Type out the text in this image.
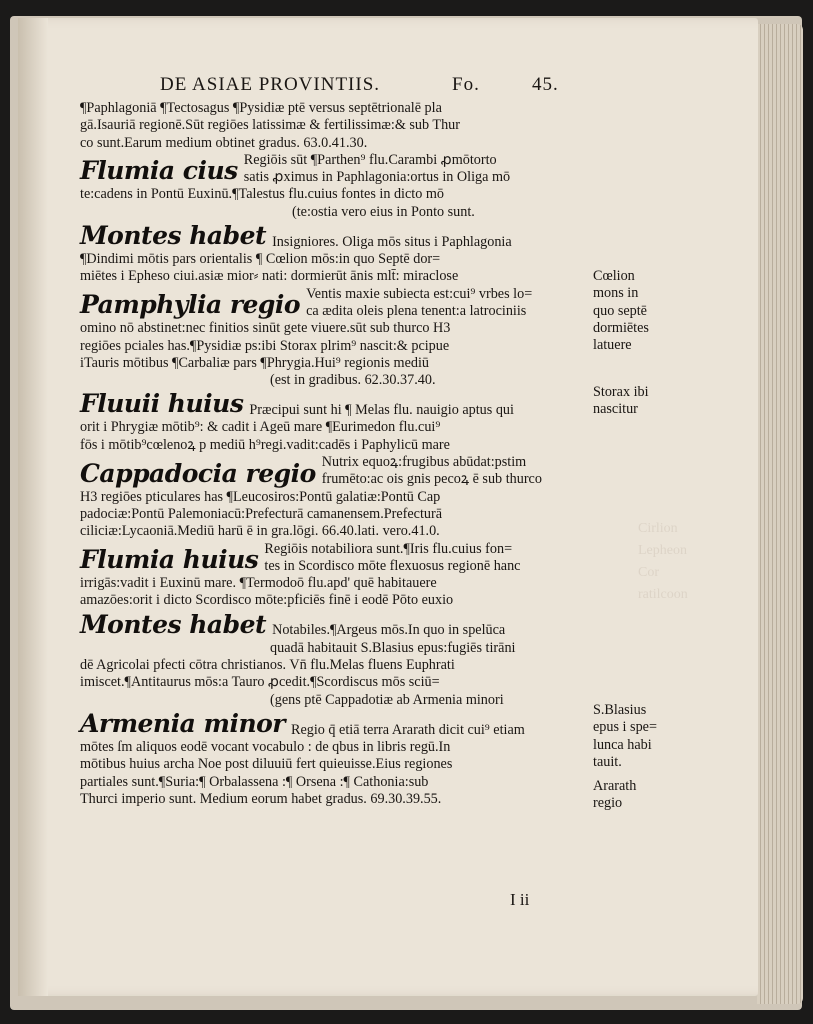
Cirlion
Lepheon
Cor
ratilcoon
DE ASIAE PROVINTIIS.	Fo.	45.
¶Paphlagoniā ¶Tectosagus ¶Pysidiæ ptē versus septētrionalē pla
gā.Isauriā regionē.Sūt regiōes latissimæ & fertilissimæ:& sub Thur
co sunt.Earum medium obtinet gradus. 63.0.41.30.
Flumia cius Regiōis sūt ¶Parthen⁹ flu.Carambi ꝓmōtorto
satis ꝓximus in Paphlagonia:ortus in Oliga mō
te:cadens in Pontū Euxinū.¶Talestus flu.cuius fontes in dicto mō
(te:ostia vero eius in Ponto sunt.
Montes habet Insigniores. Oliga mōs situs i Paphlagonia
¶Dindimi mōtis pars orientalis ¶ Cœlion mōs:in quo Septē dor=
miētes i Epheso ciui.asiæ mior⸗ nati: dormierūt ānis mlt̄: miraclose
Pamphylia regio Ventis maxie subiecta est:cui⁹ vrbes lo=
ca ædita oleis plena tenent:a latrociniis
omino nō abstinet:nec finitios sinūt gete viuere.sūt sub thurco H3
regiōes pciales has.¶Pysidiæ ps:ibi Storax plrim⁹ nascit:& pcipue
iTauris mōtibus ¶Carbaliæ pars ¶Phrygia.Hui⁹ regionis mediū
(est in gradibus. 62.30.37.40.
Fluuii huius Præcipui sunt hi ¶ Melas flu. nauigio aptus qui
orit i Phrygiæ mōtib⁹: & cadit i Ageū mare ¶Eurimedon flu.cui⁹
fōs i mōtib⁹cœlenoꝝ p mediū h⁹regi.vadit:cadēs i Paphylicū mare
Cappadocia regio Nutrix equoꝝ:frugibus abūdat:pstim
frumēto:ac ois gnis pecoꝝ ē sub thurco
H3 regiōes pticulares has ¶Leucosiros:Pontū galatiæ:Pontū Cap
padociæ:Pontū Palemoniacū:Prefecturā camanensem.Prefecturā
ciliciæ:Lycaoniā.Mediū harū ē in gra.lōgi. 66.40.lati. vero.41.0.
Flumia huius Regiōis notabiliora sunt.¶Iris flu.cuius fon=
tes in Scordisco mōte flexuosus regionē hanc
irrigās:vadit i Euxinū mare. ¶Termodoō flu.apd' quē habitauere
amazōes:orit i dicto Scordisco mōte:pficiēs finē i eodē Pōto euxio
Montes habet Notabiles.¶Argeus mōs.In quo in spelūca
quadā habitauit S.Blasius epus:fugiēs tirāni
dē Agricolai pfecti cōtra christianos. Vn̄ flu.Melas fluens Euphrati
imiscet.¶Antitaurus mōs:a Tauro ꝓcedit.¶Scordiscus mōs sciū=
(gens ptē Cappadotiæ ab Armenia minori
Armenia minor Regio q̄ etiā terra Ararath dicit cui⁹ etiam
mōtes ſm aliquos eodē vocant vocabulo : de qbus in libris regū.In
mōtibus huius archa Noe post diluuiū fert quieuisse.Eius regiones
partiales sunt.¶Suria:¶ Orbalassena :¶ Orsena :¶ Cathonia:sub
Thurci imperio sunt. Medium eorum habet gradus. 69.30.39.55.
Cœlion
mons in
quo septē
dormiētes
latuere
Storax ibi
nascitur
S.Blasius
epus i spe=
lunca habi
tauit.
Ararath
regio
I ii
